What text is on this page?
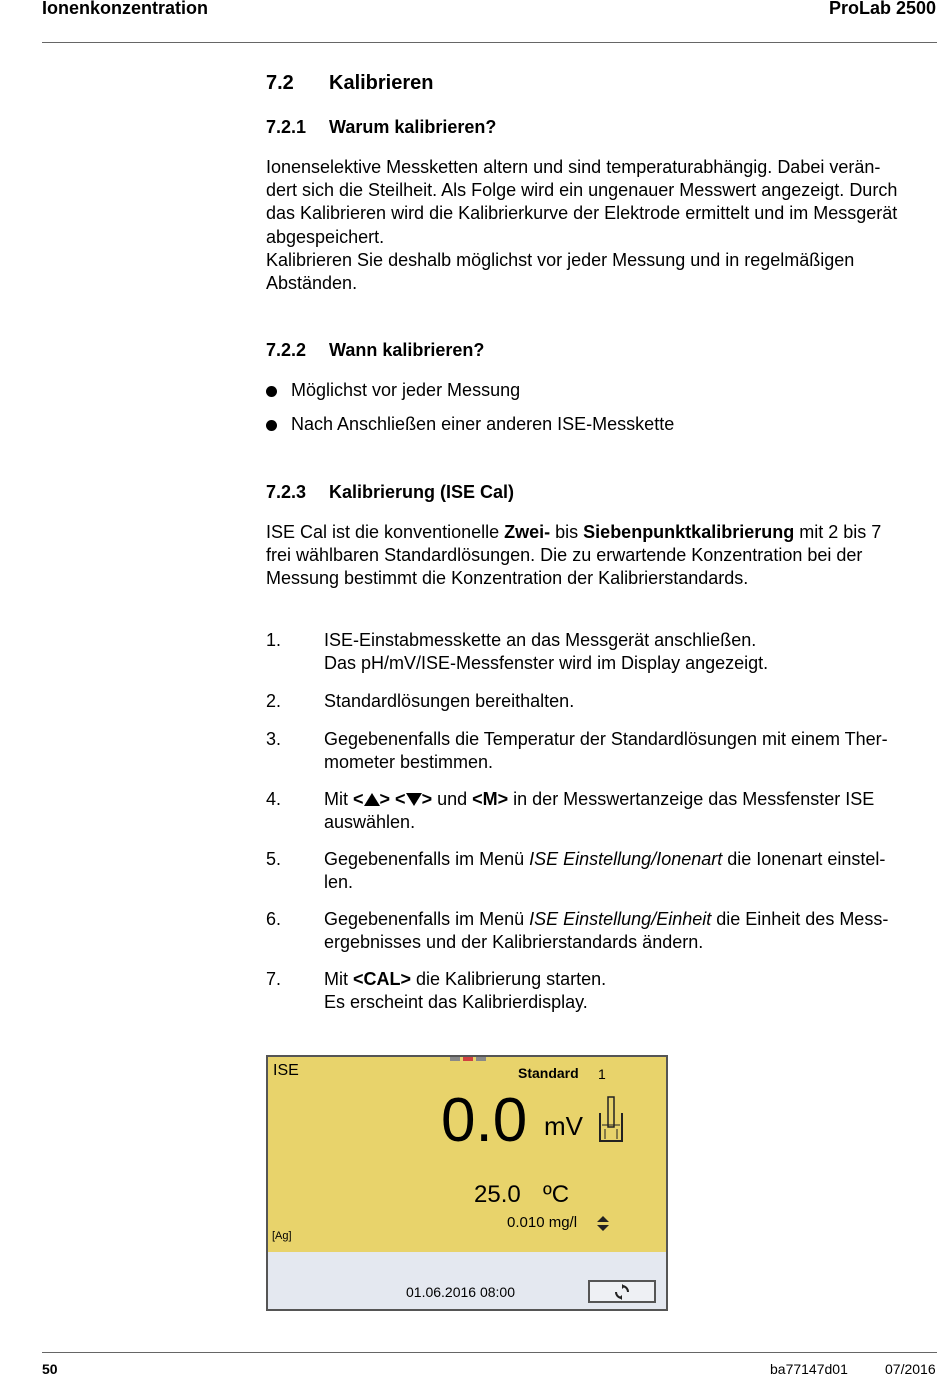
Ionenkonzentration	ProLab 2500
7.2 Kalibrieren
7.2.1 Warum kalibrieren?

Ionenselektive Messketten altern und sind temperaturabhängig. Dabei verän-

dert sich die Steilheit. Als Folge wird ein ungenauer Messwert angezeigt. Durch

das Kalibrieren wird die Kalibrierkurve der Elektrode ermittelt und im Messgerät

abgespeichert.

Kalibrieren Sie deshalb möglichst vor jeder Messung und in regelmäßigen

Abständen.

7.2.2 Wann kalibrieren?
Möglichst vor jeder Messung
Nach Anschließen einer anderen ISE-Messkette
7.2.3 Kalibrierung (ISE Cal)

ISE Cal ist die konventionelle Zwei- bis Siebenpunktkalibrierung mit 2 bis 7

frei wählbaren Standardlösungen. Die zu erwartende Konzentration bei der

Messung bestimmt die Konzentration der Kalibrierstandards.

1. ISE-Einstabmesskette an das Messgerät anschließen.

Das pH/mV/ISE-Messfenster wird im Display angezeigt.

2. Standardlösungen bereithalten.

3. Gegebenenfalls die Temperatur der Standardlösungen mit einem Ther-

mometer bestimmen.

4. Mit < > < > und <M> in der Messwertanzeige das Messfenster ISE

auswählen.

5. Gegebenenfalls im Menü ISE Einstellung/Ionenart die Ionenart einstel-

len.

6. Gegebenenfalls im Menü ISE Einstellung/Einheit die Einheit des Mess-

ergebnisses und der Kalibrierstandards ändern.

7. Mit <CAL> die Kalibrierung starten.

Es erscheint das Kalibrierdisplay.

ISE	Standard 1
0.0 mV
25.0 ºC
0.010 mg/l
[Ag]
01.06.2016 08:00
50	ba77147d01	07/2016
